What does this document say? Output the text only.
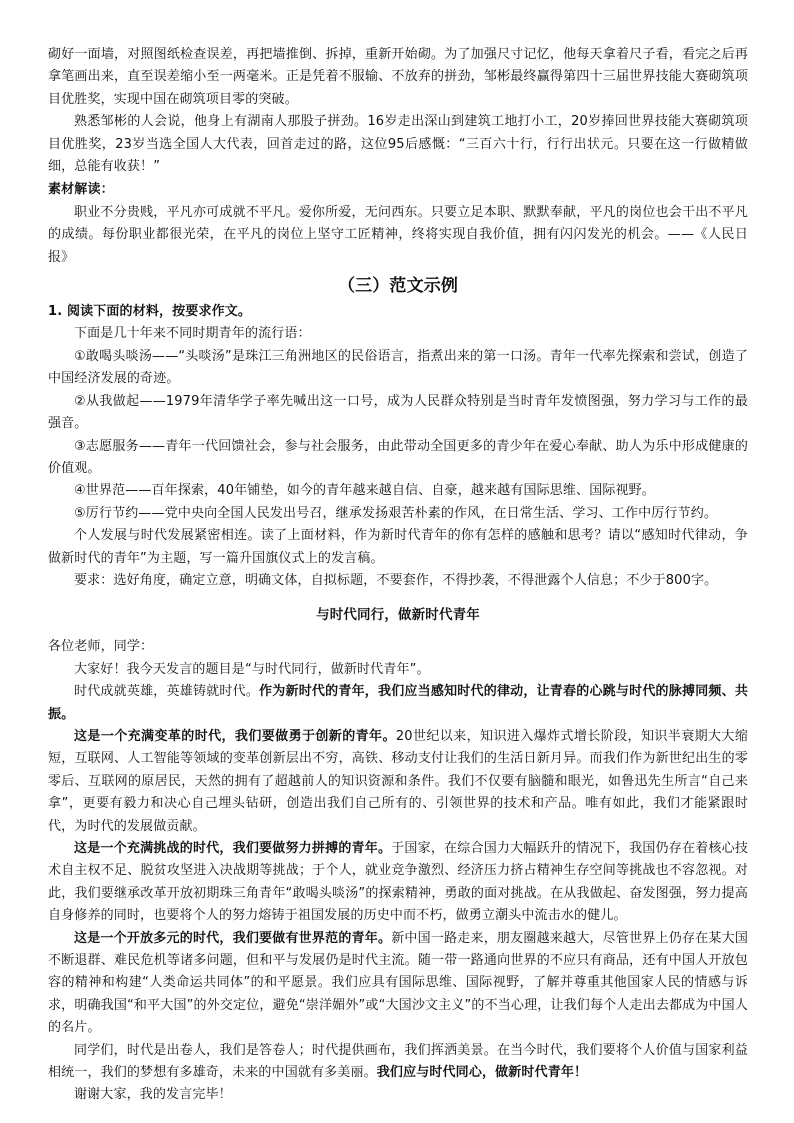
砌好一面墙，对照图纸检查误差，再把墙推倒、拆掉，重新开始砌。为了加强尺寸记忆，他每天拿着尺子看，看完之后再拿笔画出来，直至误差缩小至一两毫米。正是凭着不服输、不放弃的拼劲，邹彬最终赢得第四十三届世界技能大赛砌筑项目优胜奖，实现中国在砌筑项目零的突破。

熟悉邹彬的人会说，他身上有湖南人那股子拼劲。16岁走出深山到建筑工地打小工，20岁捧回世界技能大赛砌筑项目优胜奖，23岁当选全国人大代表，回首走过的路，这位95后感慨：“三百六十行，行行出状元。只要在这一行做精做细，总能有收获！”

素材解读：

职业不分贵贱，平凡亦可成就不平凡。爱你所爱，无问西东。只要立足本职、默默奉献，平凡的岗位也会干出不平凡的成绩。每份职业都很光荣，在平凡的岗位上坚守工匠精神，终将实现自我价值，拥有闪闪发光的机会。——《人民日报》

（三）范文示例

1. 阅读下面的材料，按要求作文。

下面是几十年来不同时期青年的流行语：

①敢喝头啖汤——“头啖汤”是珠江三角洲地区的民俗语言，指煮出来的第一口汤。青年一代率先探索和尝试，创造了中国经济发展的奇迹。

②从我做起——1979年清华学子率先喊出这一口号，成为人民群众特别是当时青年发愤图强，努力学习与工作的最强音。

③志愿服务——青年一代回馈社会，参与社会服务，由此带动全国更多的青少年在爱心奉献、助人为乐中形成健康的价值观。

④世界范——百年探索，40年铺垫，如今的青年越来越自信、自豪，越来越有国际思维、国际视野。

⑤厉行节约——党中央向全国人民发出号召，继承发扬艰苦朴素的作风，在日常生活、学习、工作中厉行节约。

个人发展与时代发展紧密相连。读了上面材料，作为新时代青年的你有怎样的感触和思考？请以“感知时代律动，争做新时代的青年”为主题，写一篇升国旗仪式上的发言稿。

要求：选好角度，确定立意，明确文体，自拟标题，不要套作，不得抄袭，不得泄露个人信息；不少于800字。

与时代同行，做新时代青年

各位老师，同学：

大家好！我今天发言的题目是“与时代同行，做新时代青年”。

时代成就英雄，英雄铸就时代。作为新时代的青年，我们应当感知时代的律动，让青春的心跳与时代的脉搏同频、共振。

这是一个充满变革的时代，我们要做勇于创新的青年。20世纪以来，知识进入爆炸式增长阶段，知识半衰期大大缩短，互联网、人工智能等领域的变革创新层出不穷，高铁、移动支付让我们的生活日新月异。而我们作为新世纪出生的零零后、互联网的原居民，天然的拥有了超越前人的知识资源和条件。我们不仅要有脑髓和眼光，如鲁迅先生所言“自己来拿”，更要有毅力和决心自己埋头钻研，创造出我们自己所有的、引领世界的技术和产品。唯有如此，我们才能紧跟时代，为时代的发展做贡献。

这是一个充满挑战的时代，我们要做努力拼搏的青年。于国家，在综合国力大幅跃升的情况下，我国仍存在着核心技术自主权不足、脱贫攻坚进入决战期等挑战；于个人，就业竞争激烈、经济压力挤占精神生存空间等挑战也不容忽视。对此，我们要继承改革开放初期珠三角青年“敢喝头啖汤”的探索精神，勇敢的面对挑战。在从我做起、奋发图强，努力提高自身修养的同时，也要将个人的努力熔铸于祖国发展的历史中而不朽，做勇立潮头中流击水的健儿。

这是一个开放多元的时代，我们要做有世界范的青年。新中国一路走来，朋友圈越来越大，尽管世界上仍存在某大国不断退群、难民危机等诸多问题，但和平与发展仍是时代主流。随一带一路通向世界的不应只有商品，还有中国人开放包容的精神和构建“人类命运共同体”的和平愿景。我们应具有国际思维、国际视野，了解并尊重其他国家人民的情感与诉求，明确我国“和平大国”的外交定位，避免“崇洋媚外”或“大国沙文主义”的不当心理，让我们每个人走出去都成为中国人的名片。

同学们，时代是出卷人，我们是答卷人；时代提供画布，我们挥洒美景。在当今时代，我们要将个人价值与国家利益相统一，我们的梦想有多雄奇，未来的中国就有多美丽。我们应与时代同心，做新时代青年！

谢谢大家，我的发言完毕！
